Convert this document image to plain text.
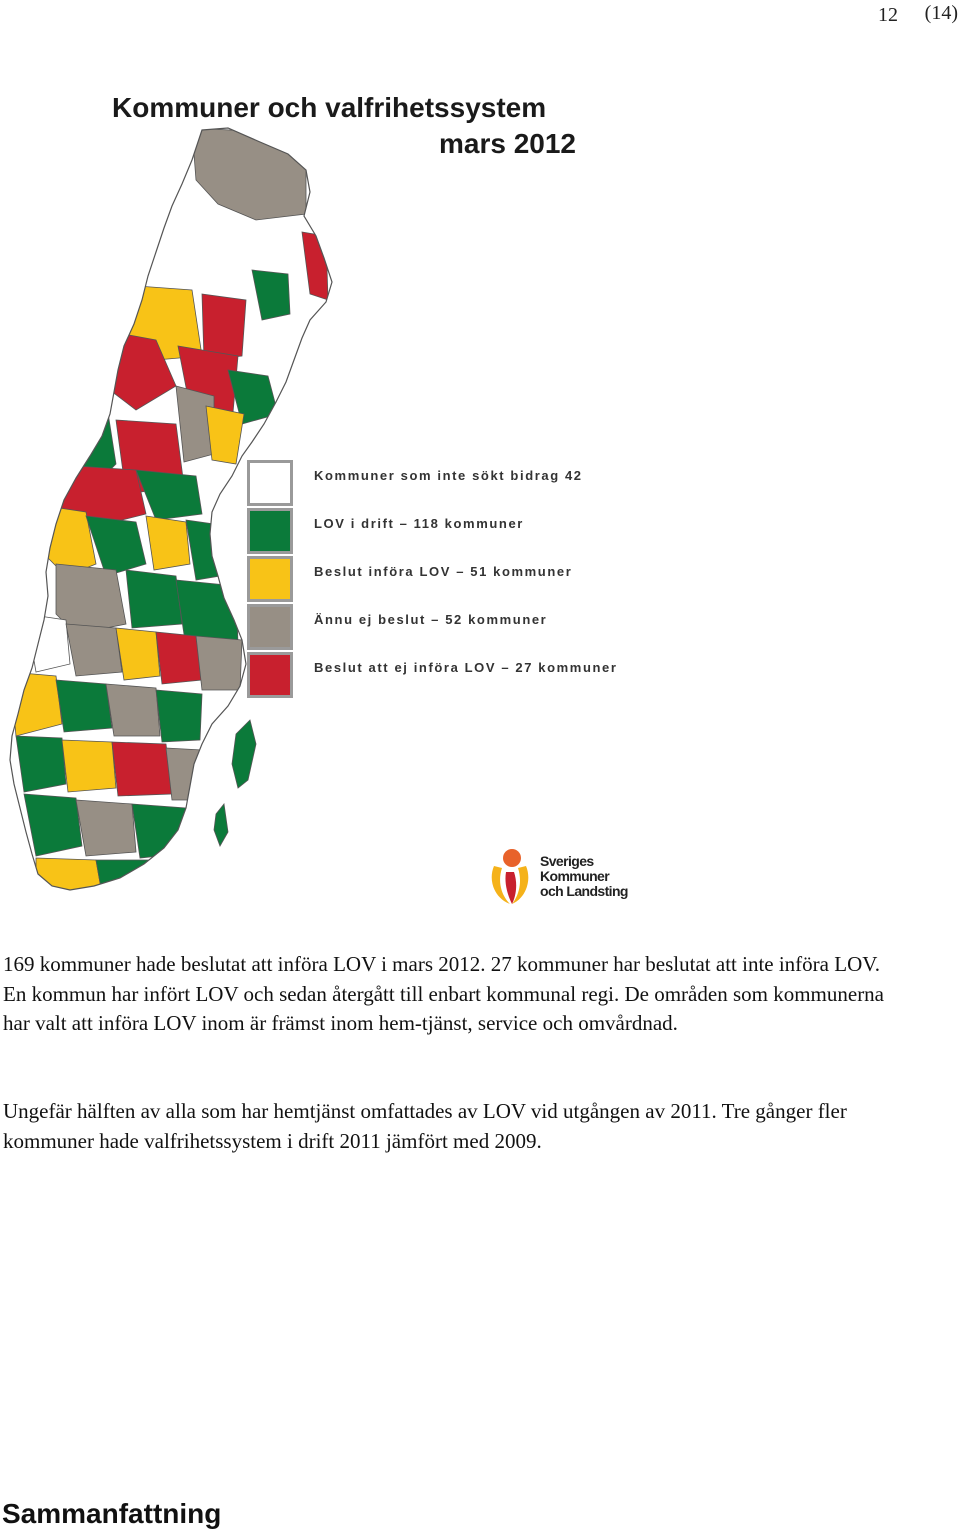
12 (14)
Kommuner och valfrihetssystem
mars 2012
Kommuner som inte sökt bidrag 42
LOV i drift – 118 kommuner
Beslut införa LOV – 51 kommuner
Ännu ej beslut – 52 kommuner
Beslut att ej införa LOV – 27 kommuner
Sveriges
Kommuner
och Landsting

169 kommuner hade beslutat att införa LOV i mars 2012. 27 kommuner har beslutat att inte införa LOV. En kommun har infört LOV och sedan återgått till enbart kommunal regi. De områden som kommunerna har valt att införa LOV inom är främst inom hem-tjänst, service och omvårdnad.

Ungefär hälften av alla som har hemtjänst omfattades av LOV vid utgången av 2011. Tre gånger fler kommuner hade valfrihetssystem i drift 2011 jämfört med 2009.

Sammanfattning
